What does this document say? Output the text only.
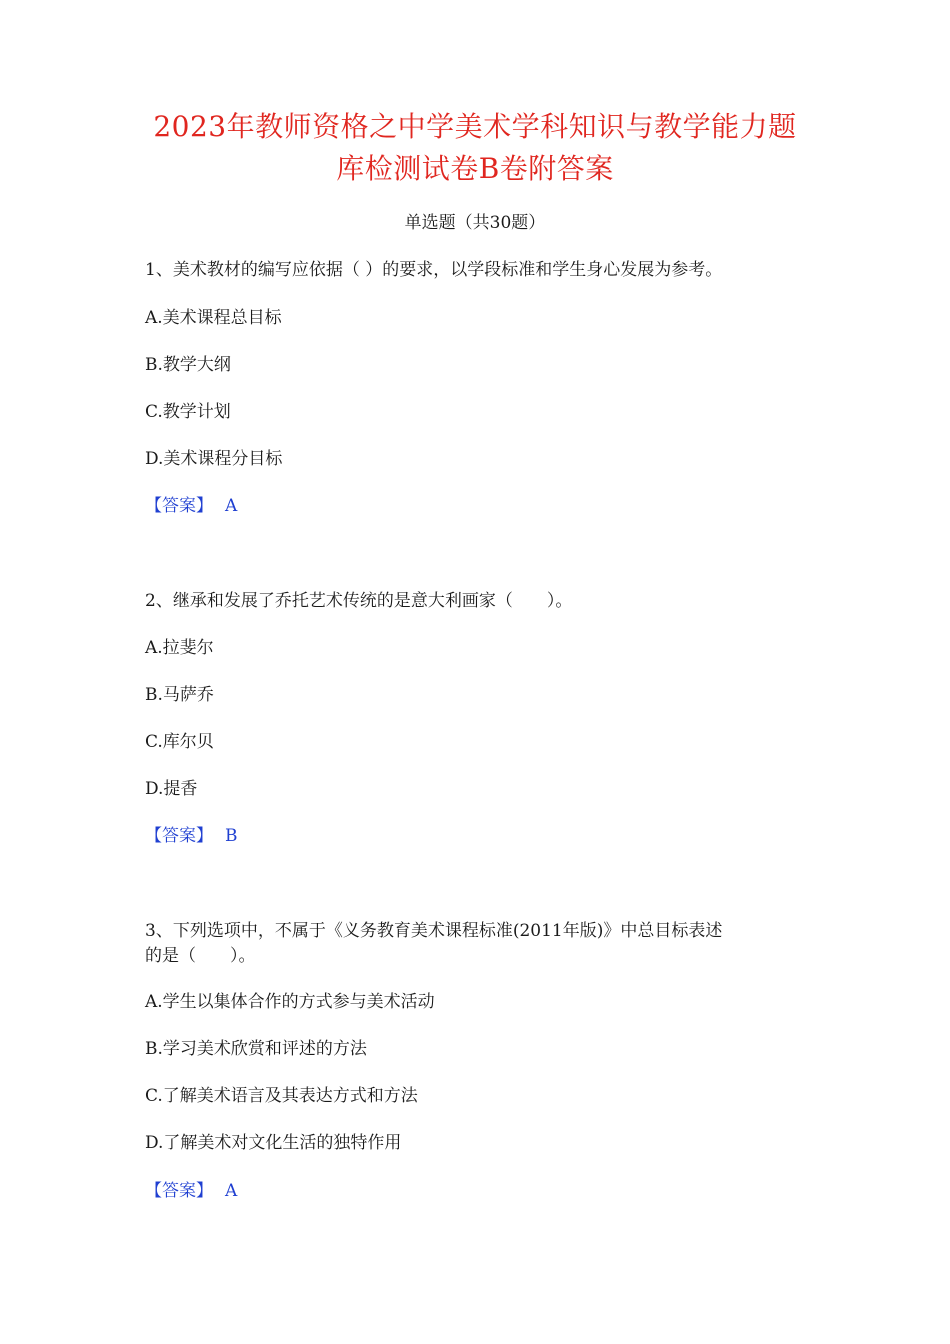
2023年教师资格之中学美术学科知识与教学能力题
库检测试卷B卷附答案
单选题（共30题）
1、美术教材的编写应依据（ ）的要求，以学段标准和学生身心发展为参考。
A.美术课程总目标
B.教学大纲
C.教学计划
D.美术课程分目标
【答案】 A
2、继承和发展了乔托艺术传统的是意大利画家（　　）。
A.拉斐尔
B.马萨乔
C.库尔贝
D.提香
【答案】 B
3、下列选项中，不属于《义务教育美术课程标准(2011年版)》中总目标表述
的是（　　）。
A.学生以集体合作的方式参与美术活动
B.学习美术欣赏和评述的方法
C.了解美术语言及其表达方式和方法
D.了解美术对文化生活的独特作用
【答案】 A
